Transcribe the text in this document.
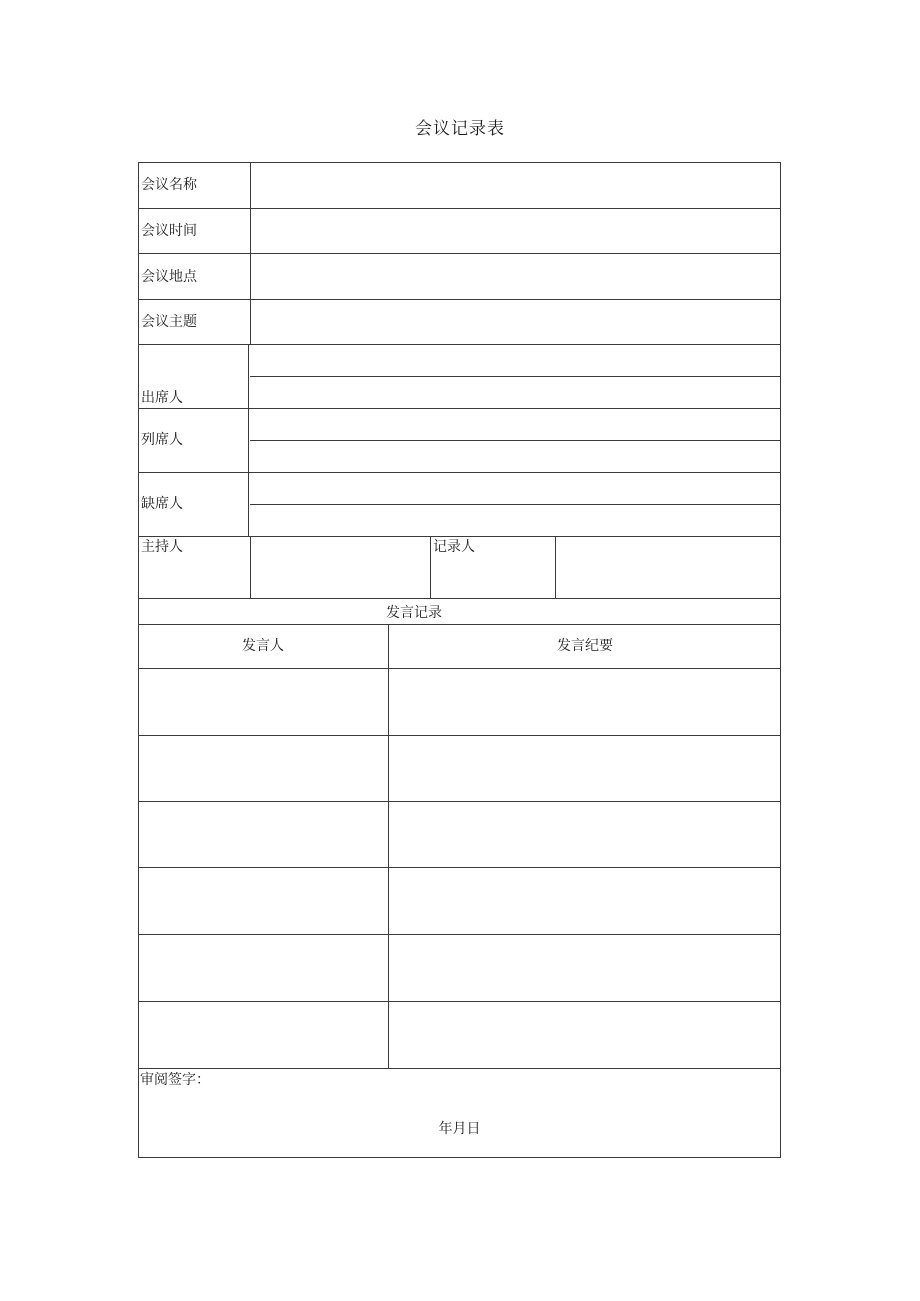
会议记录表
会议名称
会议时间
会议地点
会议主题
出席人
列席人
缺席人
主持人	记录人
发言记录
发言人	发言纪要
审阅签字：
年月日
